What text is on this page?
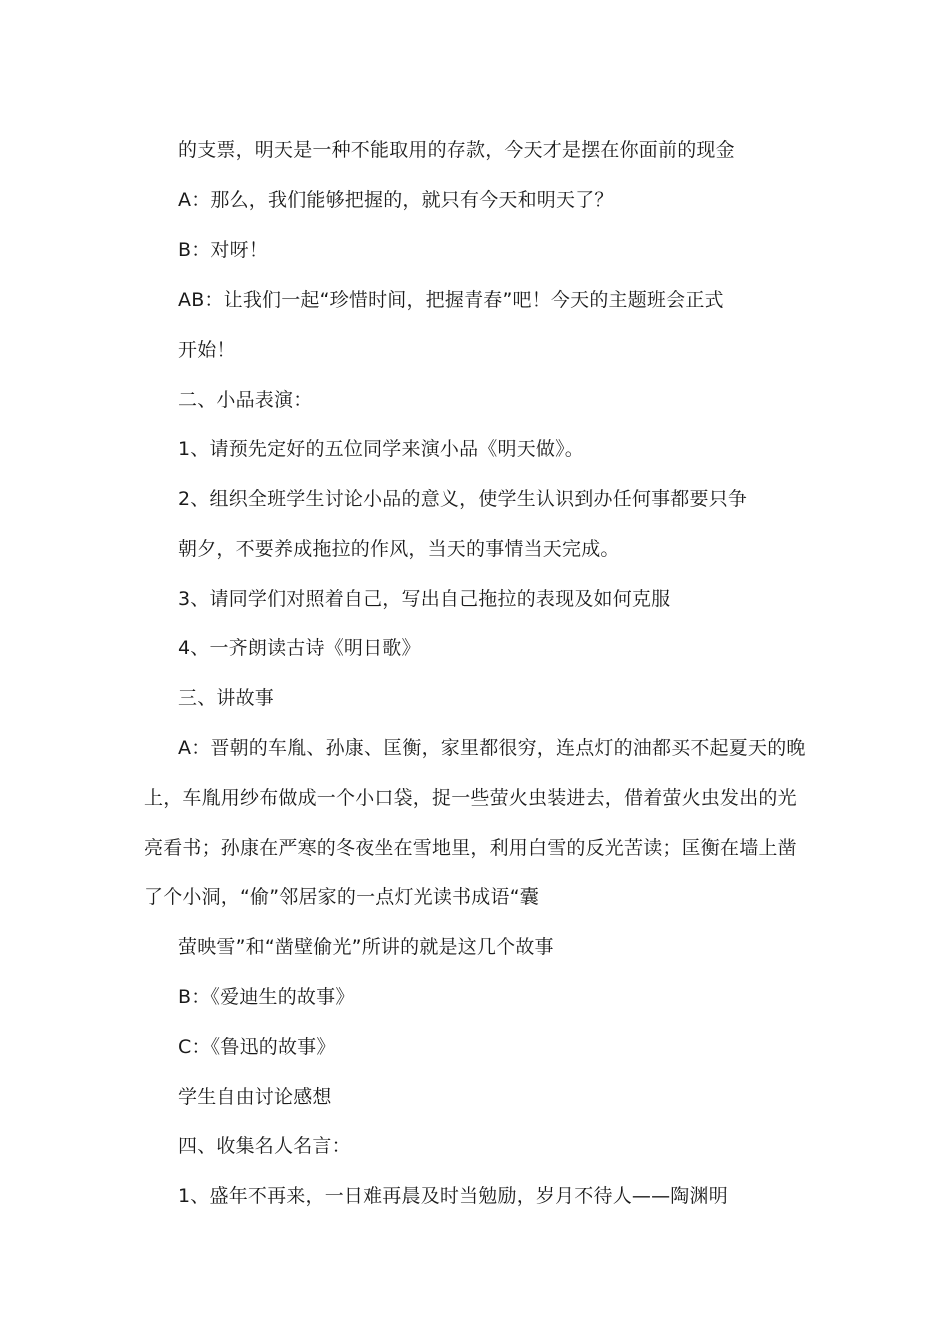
的支票，明天是一种不能取用的存款，今天才是摆在你面前的现金
A：那么，我们能够把握的，就只有今天和明天了？
B：对呀！
AB：让我们一起“珍惜时间，把握青春”吧！今天的主题班会正式
开始！
二、小品表演：
1、请预先定好的五位同学来演小品《明天做》。
2、组织全班学生讨论小品的意义，使学生认识到办任何事都要只争
朝夕，不要养成拖拉的作风，当天的事情当天完成。
3、请同学们对照着自己，写出自己拖拉的表现及如何克服
4、一齐朗读古诗《明日歌》
三、讲故事
A：晋朝的车胤、孙康、匡衡，家里都很穷，连点灯的油都买不起夏天的晚
上，车胤用纱布做成一个小口袋，捉一些萤火虫装进去，借着萤火虫发出的光
亮看书；孙康在严寒的冬夜坐在雪地里，利用白雪的反光苦读；匡衡在墙上凿
了个小洞，“偷”邻居家的一点灯光读书成语“囊
萤映雪”和“凿壁偷光”所讲的就是这几个故事
B：《爱迪生的故事》
C：《鲁迅的故事》
学生自由讨论感想
四、收集名人名言：
1、盛年不再来，一日难再晨及时当勉励，岁月不待人——陶渊明
